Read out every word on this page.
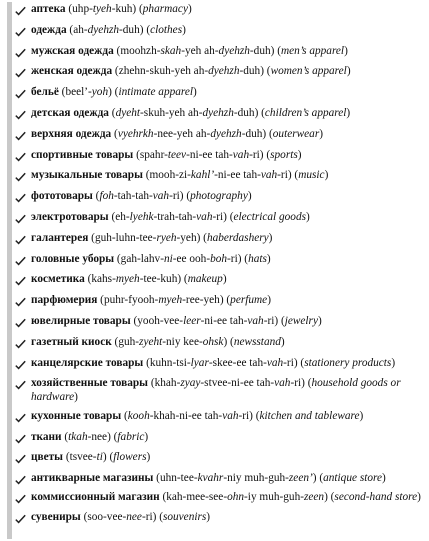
аптека (uhp-tyeh-kuh) (pharmacy)
одежда (ah-dyehzh-duh) (clothes)
мужская одежда (moohzh-skah-yeh ah-dyehzh-duh) (men’s apparel)
женская одежда (zhehn-skuh-yeh ah-dyehzh-duh) (women’s apparel)
бельё (beel’-yoh) (intimate apparel)
детская одежда (dyeht-skuh-yeh ah-dyehzh-duh) (children’s apparel)
верхняя одежда (vyehrkh-nee-yeh ah-dyehzh-duh) (outerwear)
спортивные товары (spahr-teev-ni-ee tah-vah-ri) (sports)
музыкальные товары (mooh-zi-kahl’-ni-ee tah-vah-ri) (music)
фототовары (foh-tah-tah-vah-ri) (photography)
электротовары (eh-lyehk-trah-tah-vah-ri) (electrical goods)
галантерея (guh-luhn-tee-ryeh-yeh) (haberdashery)
головные уборы (gah-lahv-ni-ee ooh-boh-ri) (hats)
косметика (kahs-myeh-tee-kuh) (makeup)
парфюмерия (puhr-fyooh-myeh-ree-yeh) (perfume)
ювелирные товары (yooh-vee-leer-ni-ee tah-vah-ri) (jewelry)
газетный киоск (guh-zyeht-niy kee-ohsk) (newsstand)
канцелярские товары (kuhn-tsi-lyar-skee-ee tah-vah-ri) (stationery products)
хозяйственные товары (khah-zyay-stvee-ni-ee tah-vah-ri) (household goods or hardware)
кухонные товары (kooh-khah-ni-ee tah-vah-ri) (kitchen and tableware)
ткани (tkah-nee) (fabric)
цветы (tsvee-ti) (flowers)
антикварные магазины (uhn-tee-kvahr-niy muh-guh-zeen’) (antique store)
коммиссионный магазин (kah-mee-see-ohn-iy muh-guh-zeen) (second-hand store)
сувениры (soo-vee-nee-ri) (souvenirs)
